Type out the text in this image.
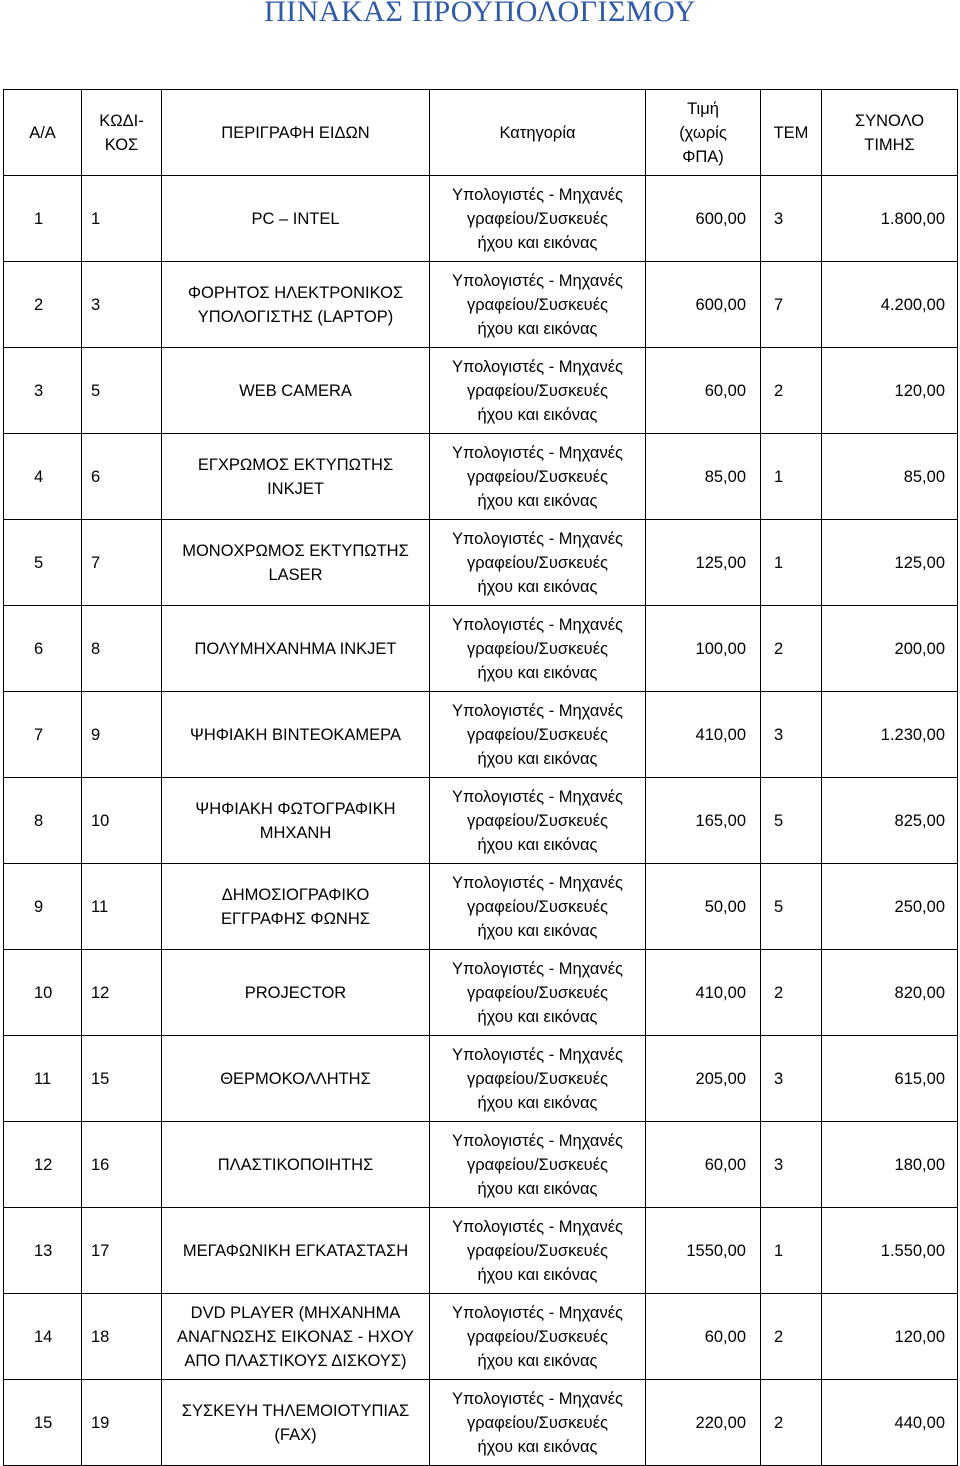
ΠΙΝΑΚΑΣ ΠΡΟΥΠΟΛΟΓΙΣΜΟΥ
Α/Α	ΚΩΔΙ-
ΚΟΣ	ΠΕΡΙΓΡΑΦΗ ΕΙΔΩΝ	Κατηγορία	Τιμή
(χωρίς
ΦΠΑ)	ΤΕΜ	ΣΥΝΟΛΟ
ΤΙΜΗΣ
1	1	PC – INTEL	Υπολογιστές - Μηχανές
γραφείου/Συσκευές
ήχου και εικόνας	600,00	3	1.800,00
2	3	ΦΟΡΗΤΟΣ ΗΛΕΚΤΡΟΝΙΚΟΣ
ΥΠΟΛΟΓΙΣΤΗΣ (LAPTOP)	Υπολογιστές - Μηχανές
γραφείου/Συσκευές
ήχου και εικόνας	600,00	7	4.200,00
3	5	WEB CAMERA	Υπολογιστές - Μηχανές
γραφείου/Συσκευές
ήχου και εικόνας	60,00	2	120,00
4	6	ΕΓΧΡΩΜΟΣ ΕΚΤΥΠΩΤΗΣ
INKJET	Υπολογιστές - Μηχανές
γραφείου/Συσκευές
ήχου και εικόνας	85,00	1	85,00
5	7	ΜΟΝΟΧΡΩΜΟΣ ΕΚΤΥΠΩΤΗΣ
LASER	Υπολογιστές - Μηχανές
γραφείου/Συσκευές
ήχου και εικόνας	125,00	1	125,00
6	8	ΠΟΛΥΜΗΧΑΝΗΜΑ INKJET	Υπολογιστές - Μηχανές
γραφείου/Συσκευές
ήχου και εικόνας	100,00	2	200,00
7	9	ΨΗΦΙΑΚΗ ΒΙΝΤΕΟΚΑΜΕΡΑ	Υπολογιστές - Μηχανές
γραφείου/Συσκευές
ήχου και εικόνας	410,00	3	1.230,00
8	10	ΨΗΦΙΑΚΗ ΦΩΤΟΓΡΑΦΙΚΗ
ΜΗΧΑΝΗ	Υπολογιστές - Μηχανές
γραφείου/Συσκευές
ήχου και εικόνας	165,00	5	825,00
9	11	ΔΗΜΟΣΙΟΓΡΑΦΙΚΟ
ΕΓΓΡΑΦΗΣ ΦΩΝΗΣ	Υπολογιστές - Μηχανές
γραφείου/Συσκευές
ήχου και εικόνας	50,00	5	250,00
10	12	PROJECTOR	Υπολογιστές - Μηχανές
γραφείου/Συσκευές
ήχου και εικόνας	410,00	2	820,00
11	15	ΘΕΡΜΟΚΟΛΛΗΤΗΣ	Υπολογιστές - Μηχανές
γραφείου/Συσκευές
ήχου και εικόνας	205,00	3	615,00
12	16	ΠΛΑΣΤΙΚΟΠΟΙΗΤΗΣ	Υπολογιστές - Μηχανές
γραφείου/Συσκευές
ήχου και εικόνας	60,00	3	180,00
13	17	ΜΕΓΑΦΩΝΙΚΗ ΕΓΚΑΤΑΣΤΑΣΗ	Υπολογιστές - Μηχανές
γραφείου/Συσκευές
ήχου και εικόνας	1550,00	1	1.550,00
14	18	DVD PLAYER (ΜΗΧΑΝΗΜΑ
ΑΝΑΓΝΩΣΗΣ ΕΙΚΟΝΑΣ - ΗΧΟΥ
ΑΠΟ ΠΛΑΣΤΙΚΟΥΣ ΔΙΣΚΟΥΣ)	Υπολογιστές - Μηχανές
γραφείου/Συσκευές
ήχου και εικόνας	60,00	2	120,00
15	19	ΣΥΣΚΕΥΗ ΤΗΛΕΜΟΙΟΤΥΠΙΑΣ
(FAX)	Υπολογιστές - Μηχανές
γραφείου/Συσκευές
ήχου και εικόνας	220,00	2	440,00
